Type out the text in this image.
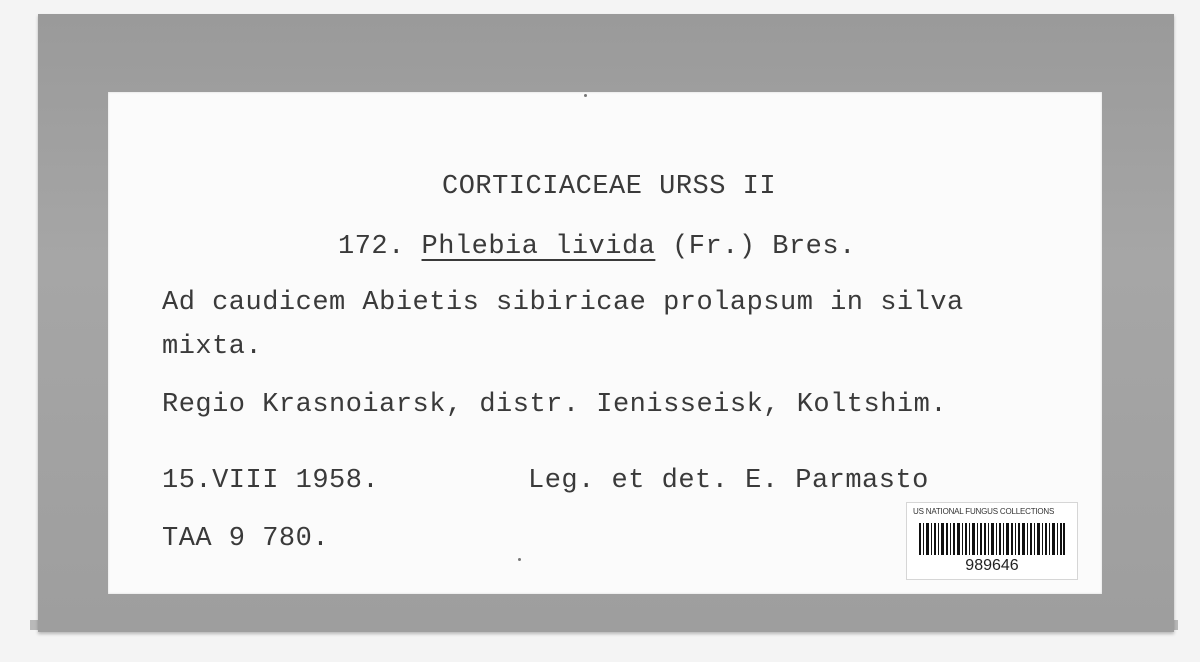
CORTICIACEAE URSS II
172. Phlebia livida (Fr.) Bres.
Ad caudicem Abietis sibiricae prolapsum in silva
mixta.
Regio Krasnoiarsk, distr. Ienisseisk, Koltshim.
15.VIII 1958.	Leg. et det. E. Parmasto
TAA 9 780.
US NATIONAL FUNGUS COLLECTIONS
989646
